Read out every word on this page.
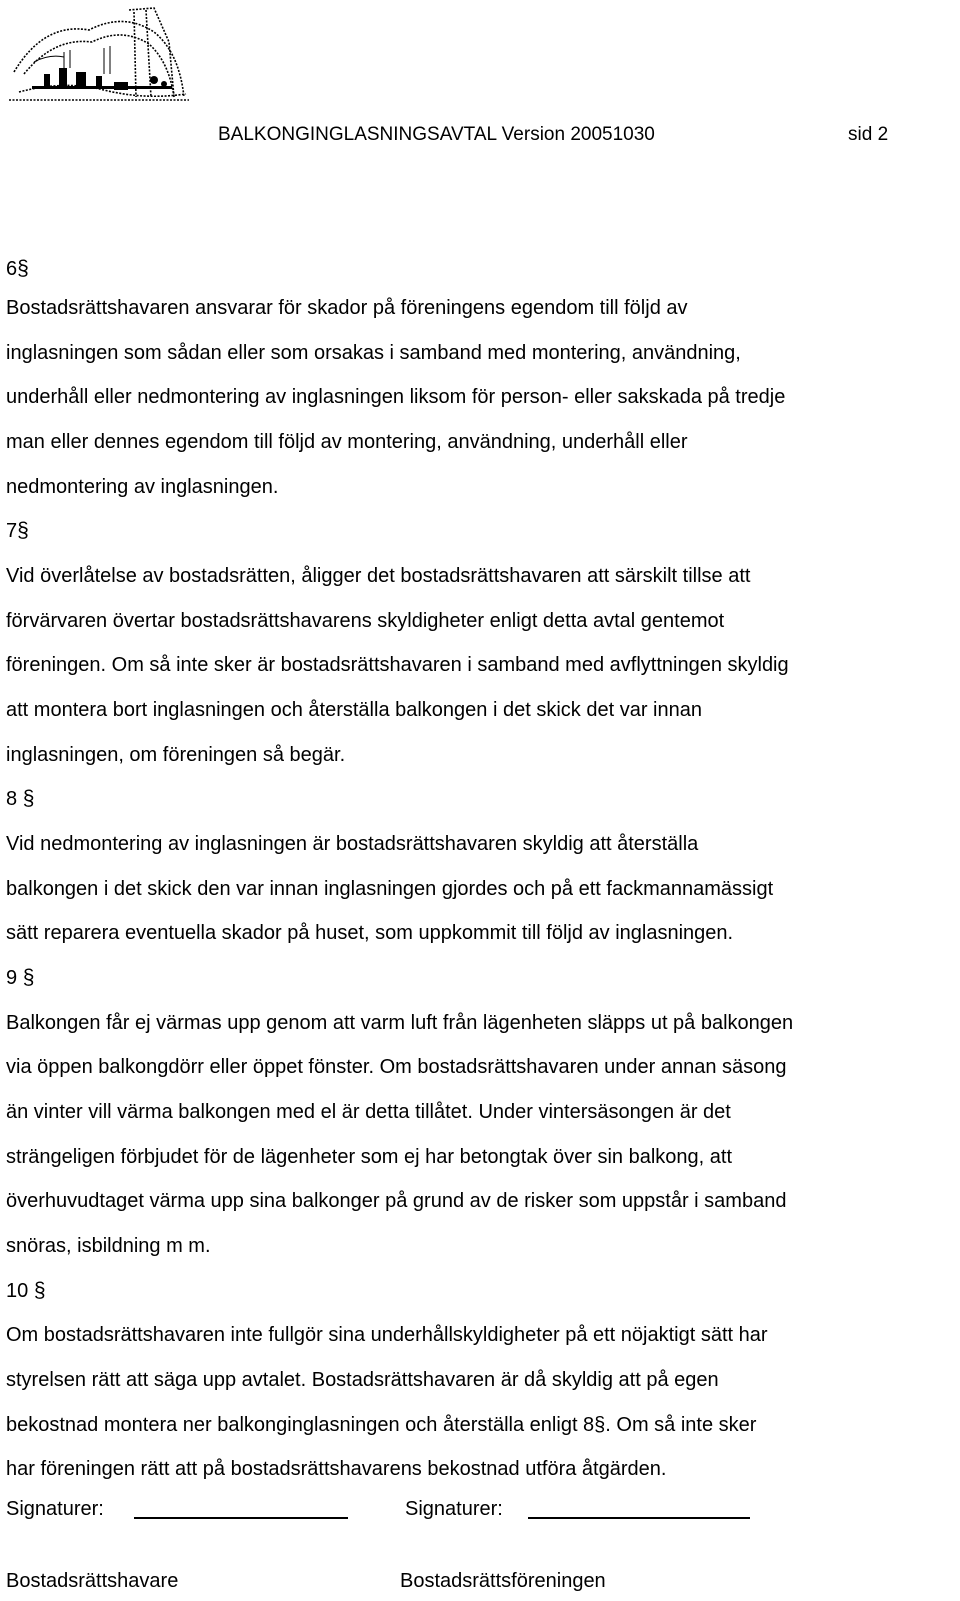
BALKONGINGLASNINGSAVTAL Version 20051030	sid 2
6§
Bostadsrättshavaren ansvarar för skador på föreningens egendom till följd av
inglasningen som sådan eller som orsakas i samband med montering, användning,
underhåll eller nedmontering av inglasningen liksom för person- eller sakskada på tredje
man eller dennes egendom till följd av montering, användning, underhåll eller
nedmontering av inglasningen.
7§
Vid överlåtelse av bostadsrätten, åligger det bostadsrättshavaren att särskilt tillse att
förvärvaren övertar bostadsrättshavarens skyldigheter enligt detta avtal gentemot
föreningen. Om så inte sker är bostadsrättshavaren i samband med avflyttningen skyldig
att montera bort inglasningen och återställa balkongen i det skick det var innan
inglasningen, om föreningen så begär.
8 §
Vid nedmontering av inglasningen är bostadsrättshavaren skyldig att återställa
balkongen i det skick den var innan inglasningen gjordes och på ett fackmannamässigt
sätt reparera eventuella skador på huset, som uppkommit till följd av inglasningen.
9 §
Balkongen får ej värmas upp genom att varm luft från lägenheten släpps ut på balkongen
via öppen balkongdörr eller öppet fönster. Om bostadsrättshavaren under annan säsong
än vinter vill värma balkongen med el är detta tillåtet. Under vintersäsongen är det
strängeligen förbjudet för de lägenheter som ej har betongtak över sin balkong, att
överhuvudtaget värma upp sina balkonger på grund av de risker som uppstår i samband
snöras, isbildning m m.
10 §
Om bostadsrättshavaren inte fullgör sina underhållskyldigheter på ett nöjaktigt sätt har
styrelsen rätt att säga upp avtalet. Bostadsrättshavaren är då skyldig att på egen
bekostnad montera ner balkonginglasningen och återställa enligt 8§. Om så inte sker
har föreningen rätt att på bostadsrättshavarens bekostnad utföra åtgärden.
Signaturer:	Signaturer:
Bostadsrättshavare	Bostadsrättsföreningen
